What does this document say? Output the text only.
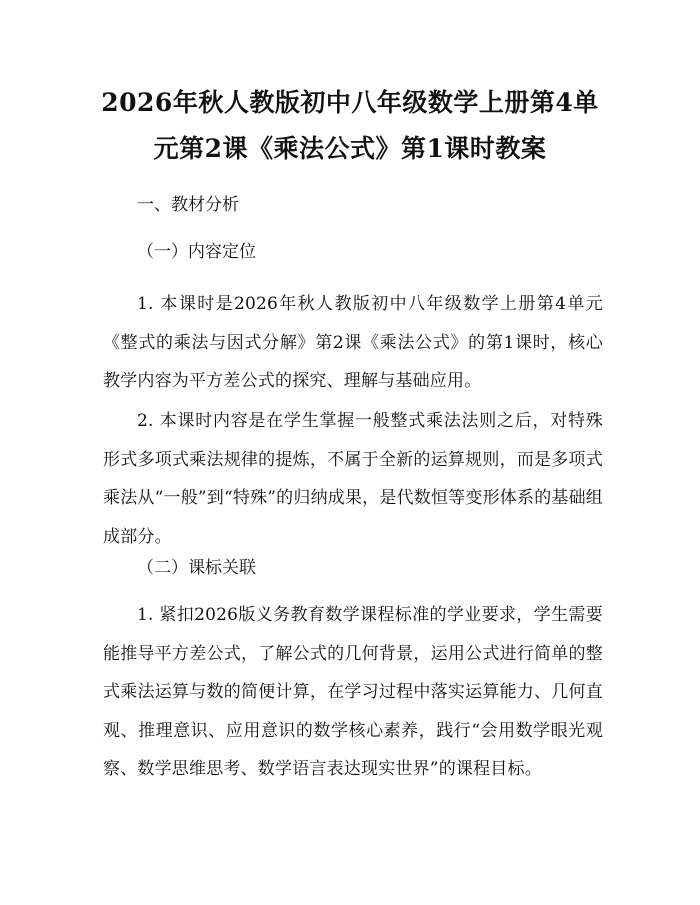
2026年秋人教版初中八年级数学上册第4单元第2课《乘法公式》第1课时教案
一、教材分析
（一）内容定位
1. 本课时是2026年秋人教版初中八年级数学上册第4单元《整式的乘法与因式分解》第2课《乘法公式》的第1课时，核心教学内容为平方差公式的探究、理解与基础应用。
2. 本课时内容是在学生掌握一般整式乘法法则之后，对特殊形式多项式乘法规律的提炼，不属于全新的运算规则，而是多项式乘法从“一般”到“特殊”的归纳成果，是代数恒等变形体系的基础组成部分。
（二）课标关联
1. 紧扣2026版义务教育数学课程标准的学业要求，学生需要能推导平方差公式，了解公式的几何背景，运用公式进行简单的整式乘法运算与数的简便计算，在学习过程中落实运算能力、几何直观、推理意识、应用意识的数学核心素养，践行“会用数学眼光观察、数学思维思考、数学语言表达现实世界”的课程目标。
